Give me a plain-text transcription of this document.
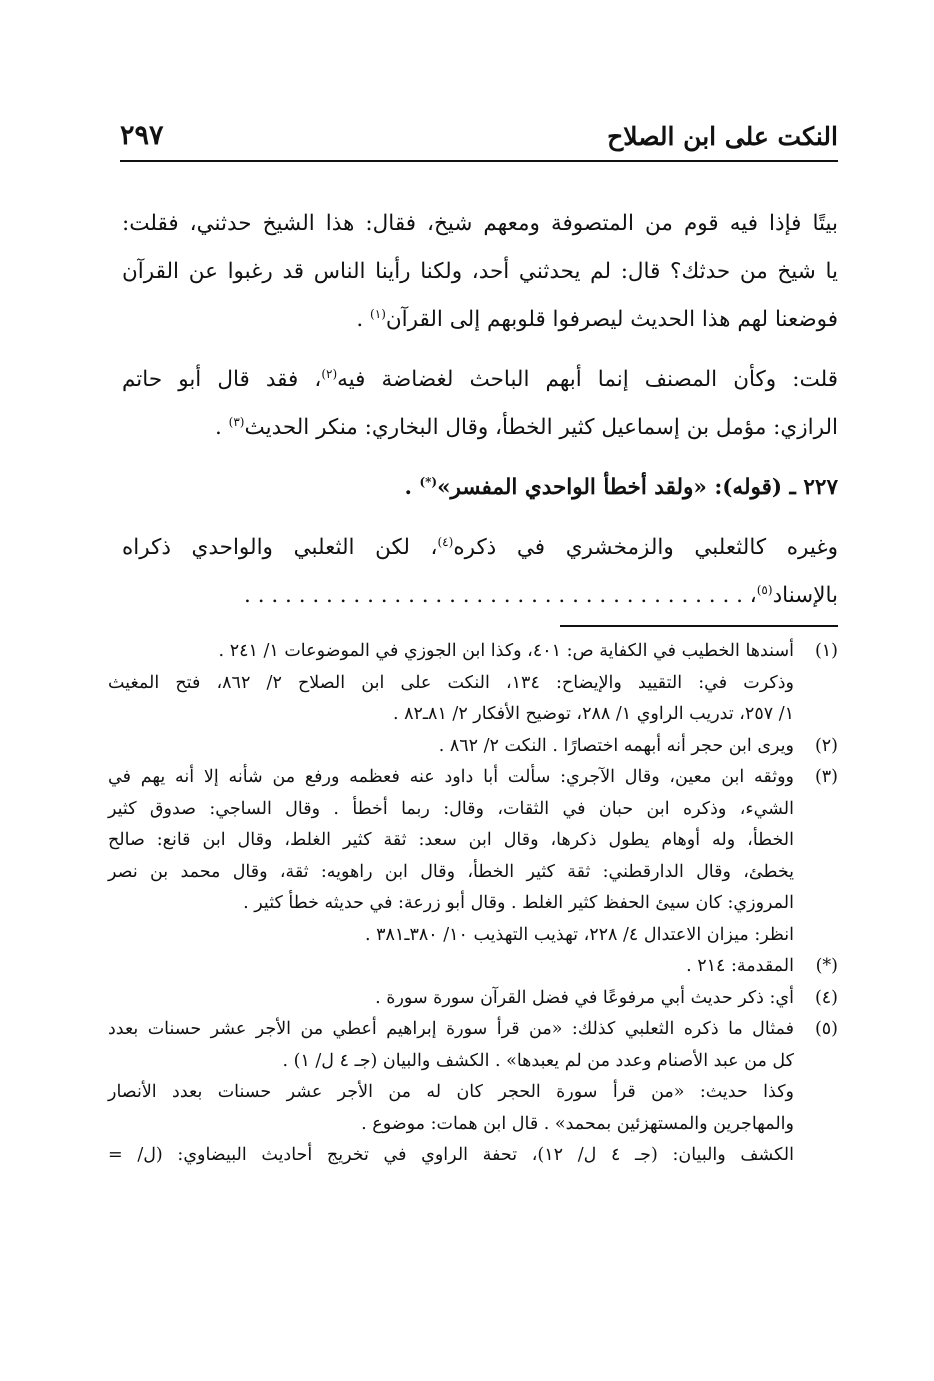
النكت على ابن الصلاح
٢٩٧
بيتًا فإذا فيه قوم من المتصوفة ومعهم شيخ، فقال: هذا الشيخ حدثني، فقلت:
يا شيخ من حدثك؟ قال: لم يحدثني أحد، ولكنا رأينا الناس قد رغبوا عن القرآن
فوضعنا لهم هذا الحديث ليصرفوا قلوبهم إلى القرآن$^{(١)}$ .
قلت: وكأن المصنف إنما أبهم الباحث لغضاضة فيه$^{(٢)}$، فقد قال أبو حاتم
الرازي: مؤمل بن إسماعيل كثير الخطأ، وقال البخاري: منكر الحديث$^{(٣)}$ .
٢٢٧ ـ (قوله): «ولقد أخطأ الواحدي المفسر»(*) .
وغيره كالثعلبي والزمخشري في ذكره$^{(٤)}$، لكن الثعلبي والواحدي ذكراه
بالإسناد$^{(٥)}$، . . . . . . . . . . . . . . . . . . . . . . . . . . . . . . . . . . . . .
(١)
أسندها الخطيب في الكفاية ص: ٤٠١، وكذا ابن الجوزي في الموضوعات ١/ ٢٤١ .
وذكرت في: التقييد والإيضاح: ١٣٤، النكت على ابن الصلاح ٢/ ٨٦٢، فتح المغيث
١/ ٢٥٧، تدريب الراوي ١/ ٢٨٨، توضيح الأفكار ٢/ ٨١ـ٨٢ .
(٢)
ويرى ابن حجر أنه أبهمه اختصارًا . النكت ٢/ ٨٦٢ .
(٣)
ووثقه ابن معين، وقال الآجري: سألت أبا داود عنه فعظمه ورفع من شأنه إلا أنه يهم في
الشيء، وذكره ابن حبان في الثقات، وقال: ربما أخطأ . وقال الساجي: صدوق كثير
الخطأ، وله أوهام يطول ذكرها، وقال ابن سعد: ثقة كثير الغلط، وقال ابن قانع: صالح
يخطئ، وقال الدارقطني: ثقة كثير الخطأ، وقال ابن راهويه: ثقة، وقال محمد بن نصر
المروزي: كان سيئ الحفظ كثير الغلط . وقال أبو زرعة: في حديثه خطأ كثير .
انظر: ميزان الاعتدال ٤/ ٢٢٨، تهذيب التهذيب ١٠/ ٣٨٠ـ٣٨١ .
(*)
المقدمة: ٢١٤ .
(٤)
أي: ذكر حديث أبي مرفوعًا في فضل القرآن سورة سورة .
(٥)
فمثال ما ذكره الثعلبي كذلك: «من قرأ سورة إبراهيم أعطي من الأجر عشر حسنات بعدد
كل من عبد الأصنام وعدد من لم يعبدها» . الكشف والبيان (جـ ٤ ل/ ١) .
وكذا حديث: «من قرأ سورة الحجر كان له من الأجر عشر حسنات بعدد الأنصار
والمهاجرين والمستهزئين بمحمد» . قال ابن همات: موضوع .
الكشف والبيان: (جـ ٤ ل/ ١٢)، تحفة الراوي في تخريج أحاديث البيضاوي: (ل/ =
